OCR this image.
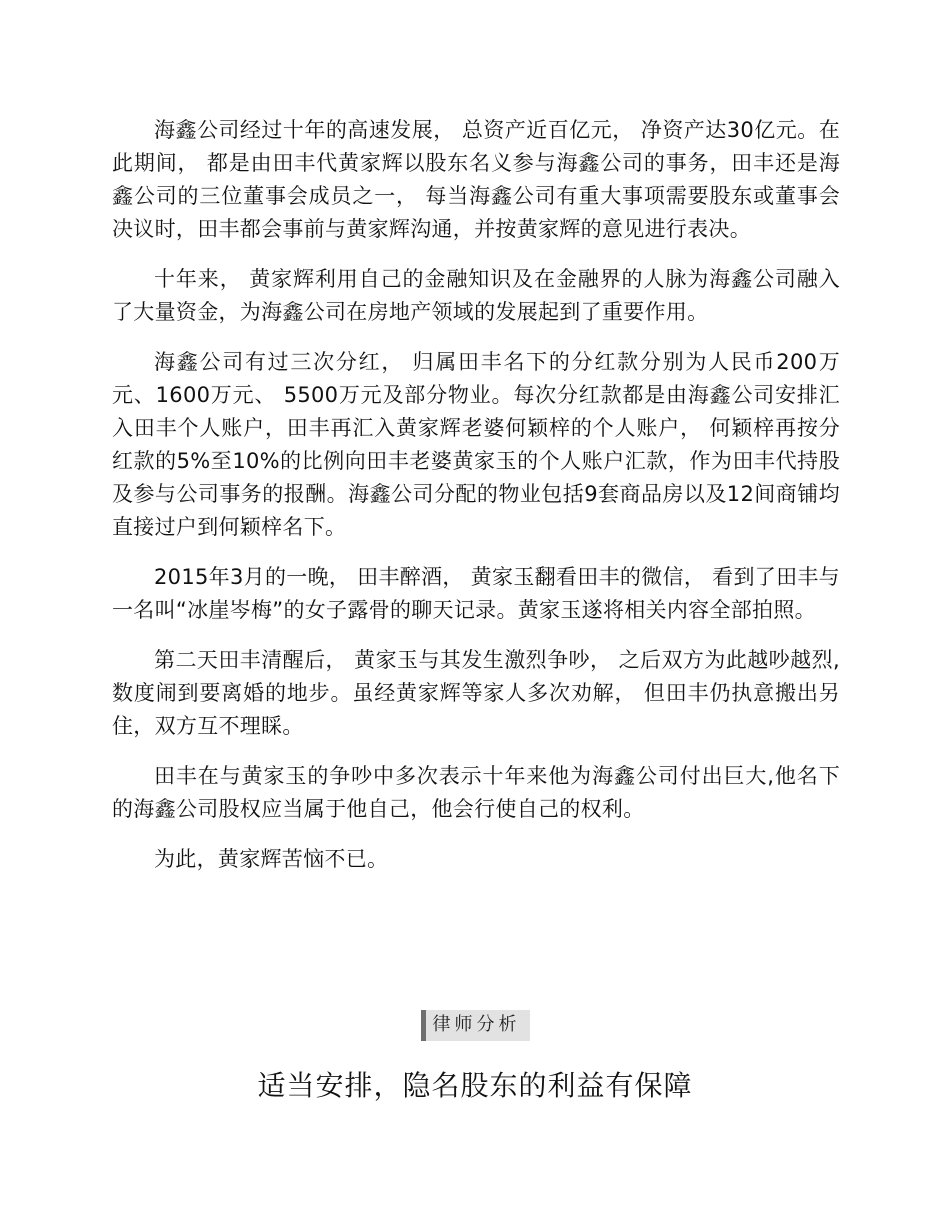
海鑫公司经过十年的高速发展， 总资产近百亿元， 净资产达30亿元。在此期间， 都是由田丰代黄家辉以股东名义参与海鑫公司的事务，田丰还是海鑫公司的三位董事会成员之一， 每当海鑫公司有重大事项需要股东或董事会决议时，田丰都会事前与黄家辉沟通，并按黄家辉的意见进行表决。

十年来， 黄家辉利用自己的金融知识及在金融界的人脉为海鑫公司融入了大量资金，为海鑫公司在房地产领域的发展起到了重要作用。

海鑫公司有过三次分红， 归属田丰名下的分红款分别为人民币200万元、1600万元、 5500万元及部分物业。每次分红款都是由海鑫公司安排汇入田丰个人账户，田丰再汇入黄家辉老婆何颖梓的个人账户， 何颖梓再按分红款的5%至10%的比例向田丰老婆黄家玉的个人账户汇款，作为田丰代持股及参与公司事务的报酬。海鑫公司分配的物业包括9套商品房以及12间商铺均直接过户到何颖梓名下。

2015年3月的一晚， 田丰醉酒， 黄家玉翻看田丰的微信， 看到了田丰与一名叫“冰崖岑梅”的女子露骨的聊天记录。黄家玉遂将相关内容全部拍照。

第二天田丰清醒后， 黄家玉与其发生激烈争吵， 之后双方为此越吵越烈,数度闹到要离婚的地步。虽经黄家辉等家人多次劝解， 但田丰仍执意搬出另住，双方互不理睬。

田丰在与黄家玉的争吵中多次表示十年来他为海鑫公司付出巨大,他名下的海鑫公司股权应当属于他自己，他会行使自己的权利。

为此，黄家辉苦恼不已。

律师分析
适当安排，隐名股东的利益有保障
